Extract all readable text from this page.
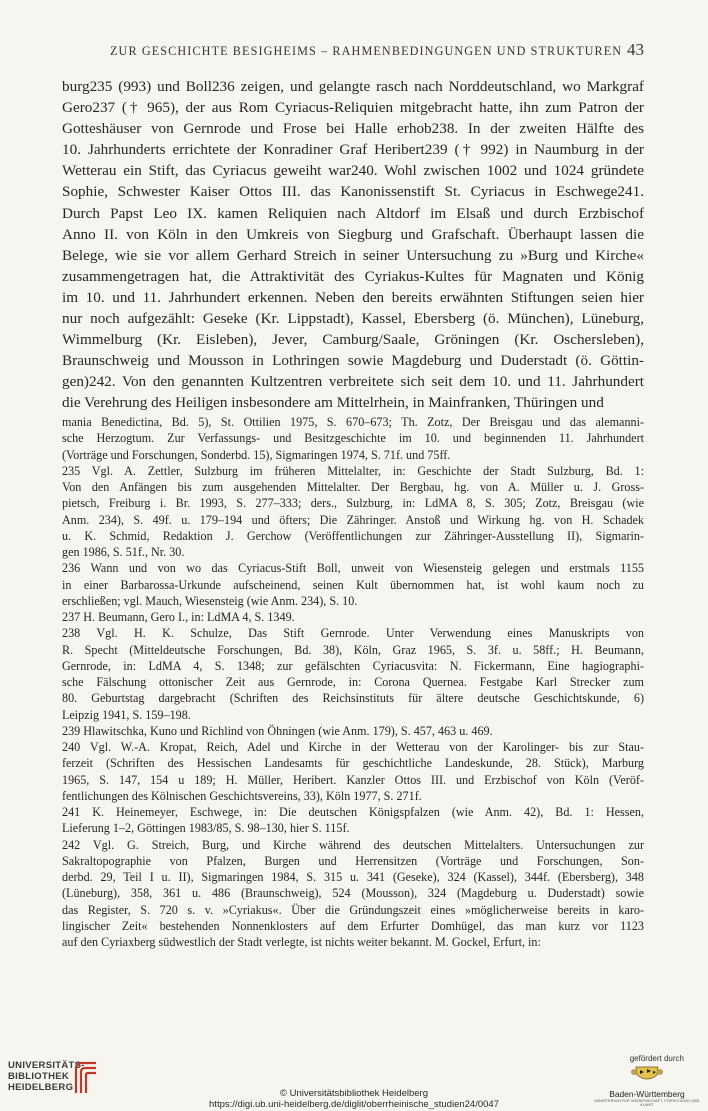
ZUR GESCHICHTE BESIGHEIMS – RAHMENBEDINGUNGEN UND STRUKTUREN 43
burg235 (993) und Boll236 zeigen, und gelangte rasch nach Norddeutschland, wo Markgraf
Gero237 († 965), der aus Rom Cyriacus-Reliquien mitgebracht hatte, ihn zum Patron der
Gotteshäuser von Gernrode und Frose bei Halle erhob238. In der zweiten Hälfte des
10. Jahrhunderts errichtete der Konradiner Graf Heribert239 († 992) in Naumburg in der
Wetterau ein Stift, das Cyriacus geweiht war240. Wohl zwischen 1002 und 1024 gründete
Sophie, Schwester Kaiser Ottos III. das Kanonissenstift St. Cyriacus in Eschwege241.
Durch Papst Leo IX. kamen Reliquien nach Altdorf im Elsaß und durch Erzbischof
Anno II. von Köln in den Umkreis von Siegburg und Grafschaft. Überhaupt lassen die
Belege, wie sie vor allem Gerhard Streich in seiner Untersuchung zu »Burg und Kirche«
zusammengetragen hat, die Attraktivität des Cyriakus-Kultes für Magnaten und König
im 10. und 11. Jahrhundert erkennen. Neben den bereits erwähnten Stiftungen seien hier
nur noch aufgezählt: Geseke (Kr. Lippstadt), Kassel, Ebersberg (ö. München), Lüneburg,
Wimmelburg (Kr. Eisleben), Jever, Camburg/Saale, Gröningen (Kr. Oschersleben),
Braunschweig und Mousson in Lothringen sowie Magdeburg und Duderstadt (ö. Göttin-
gen)242. Von den genannten Kultzentren verbreitete sich seit dem 10. und 11. Jahrhundert
die Verehrung des Heiligen insbesondere am Mittelrhein, in Mainfranken, Thüringen und
mania Benedictina, Bd. 5), St. Ottilien 1975, S. 670–673; Th. Zotz, Der Breisgau und das alemanni-
sche Herzogtum. Zur Verfassungs- und Besitzgeschichte im 10. und beginnenden 11. Jahrhundert
(Vorträge und Forschungen, Sonderbd. 15), Sigmaringen 1974, S. 71f. und 75ff.
235 Vgl. A. Zettler, Sulzburg im früheren Mittelalter, in: Geschichte der Stadt Sulzburg, Bd. 1:
Von den Anfängen bis zum ausgehenden Mittelalter. Der Bergbau, hg. von A. Müller u. J. Gross-
pietsch, Freiburg i. Br. 1993, S. 277–333; ders., Sulzburg, in: LdMA 8, S. 305; Zotz, Breisgau (wie
Anm. 234), S. 49f. u. 179–194 und öfters; Die Zähringer. Anstoß und Wirkung hg. von H. Schadek
u. K. Schmid, Redaktion J. Gerchow (Veröffentlichungen zur Zähringer-Ausstellung II), Sigmarin-
gen 1986, S. 51f., Nr. 30.
236 Wann und von wo das Cyriacus-Stift Boll, unweit von Wiesensteig gelegen und erstmals 1155
in einer Barbarossa-Urkunde aufscheinend, seinen Kult übernommen hat, ist wohl kaum noch zu
erschließen; vgl. Mauch, Wiesensteig (wie Anm. 234), S. 10.
237 H. Beumann, Gero I., in: LdMA 4, S. 1349.
238 Vgl. H. K. Schulze, Das Stift Gernrode. Unter Verwendung eines Manuskripts von
R. Specht (Mitteldeutsche Forschungen, Bd. 38), Köln, Graz 1965, S. 3f. u. 58ff.; H. Beumann,
Gernrode, in: LdMA 4, S. 1348; zur gefälschten Cyriacusvita: N. Fickermann, Eine hagiographi-
sche Fälschung ottonischer Zeit aus Gernrode, in: Corona Quernea. Festgabe Karl Strecker zum
80. Geburtstag dargebracht (Schriften des Reichsinstituts für ältere deutsche Geschichtskunde, 6)
Leipzig 1941, S. 159–198.
239 Hlawitschka, Kuno und Richlind von Öhningen (wie Anm. 179), S. 457, 463 u. 469.
240 Vgl. W.-A. Kropat, Reich, Adel und Kirche in der Wetterau von der Karolinger- bis zur Stau-
ferzeit (Schriften des Hessischen Landesamts für geschichtliche Landeskunde, 28. Stück), Marburg
1965, S. 147, 154 u 189; H. Müller, Heribert. Kanzler Ottos III. und Erzbischof von Köln (Veröf-
fentlichungen des Kölnischen Geschichtsvereins, 33), Köln 1977, S. 271f.
241 K. Heinemeyer, Eschwege, in: Die deutschen Königspfalzen (wie Anm. 42), Bd. 1: Hessen,
Lieferung 1–2, Göttingen 1983/85, S. 98–130, hier S. 115f.
242 Vgl. G. Streich, Burg, und Kirche während des deutschen Mittelalters. Untersuchungen zur
Sakraltopographie von Pfalzen, Burgen und Herrensitzen (Vorträge und Forschungen, Son-
derbd. 29, Teil I u. II), Sigmaringen 1984, S. 315 u. 341 (Geseke), 324 (Kassel), 344f. (Ebersberg), 348
(Lüneburg), 358, 361 u. 486 (Braunschweig), 524 (Mousson), 324 (Magdeburg u. Duderstadt) sowie
das Register, S. 720 s. v. »Cyriakus«. Über die Gründungszeit eines »möglicherweise bereits in karo-
lingischer Zeit« bestehenden Nonnenklosters auf dem Erfurter Domhügel, das man kurz vor 1123
auf den Cyriaxberg südwestlich der Stadt verlegte, ist nichts weiter bekannt. M. Gockel, Erfurt, in:
UNIVERSITÄTS-
BIBLIOTHEK
HEIDELBERG
© Universitätsbibliothek Heidelberg
https://digi.ub.uni-heidelberg.de/diglit/oberrheinische_studien24/0047
gefördert durch
Baden-Württemberg
MINISTERIUM FÜR WISSENSCHAFT, FORSCHUNG UND KUNST
